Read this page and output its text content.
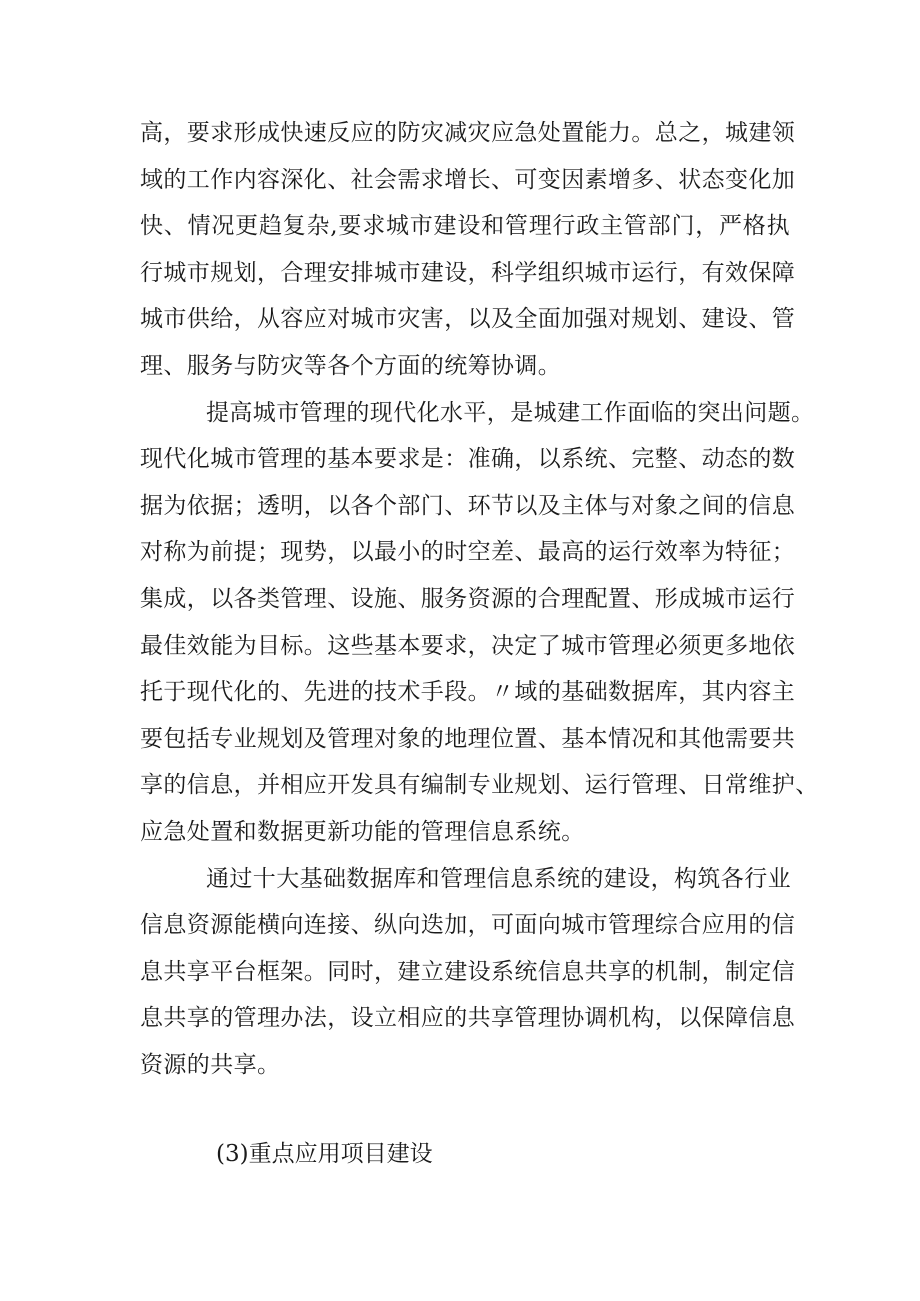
高，要求形成快速反应的防灾减灾应急处置能力。总之，城建领
域的工作内容深化、社会需求增长、可变因素增多、状态变化加
快、情况更趋复杂,要求城市建设和管理行政主管部门，严格执
行城市规划，合理安排城市建设，科学组织城市运行，有效保障
城市供给，从容应对城市灾害，以及全面加强对规划、建设、管
理、服务与防灾等各个方面的统筹协调。
提高城市管理的现代化水平，是城建工作面临的突出问题。
现代化城市管理的基本要求是：准确，以系统、完整、动态的数
据为依据；透明，以各个部门、环节以及主体与对象之间的信息
对称为前提；现势，以最小的时空差、最高的运行效率为特征；
集成，以各类管理、设施、服务资源的合理配置、形成城市运行
最佳效能为目标。这些基本要求，决定了城市管理必须更多地依
托于现代化的、先进的技术手段。〃域的基础数据库，其内容主
要包括专业规划及管理对象的地理位置、基本情况和其他需要共
享的信息，并相应开发具有编制专业规划、运行管理、日常维护、
应急处置和数据更新功能的管理信息系统。
通过十大基础数据库和管理信息系统的建设，构筑各行业
信息资源能横向连接、纵向迭加，可面向城市管理综合应用的信
息共享平台框架。同时，建立建设系统信息共享的机制，制定信
息共享的管理办法，设立相应的共享管理协调机构，以保障信息
资源的共享。
(3)重点应用项目建设
